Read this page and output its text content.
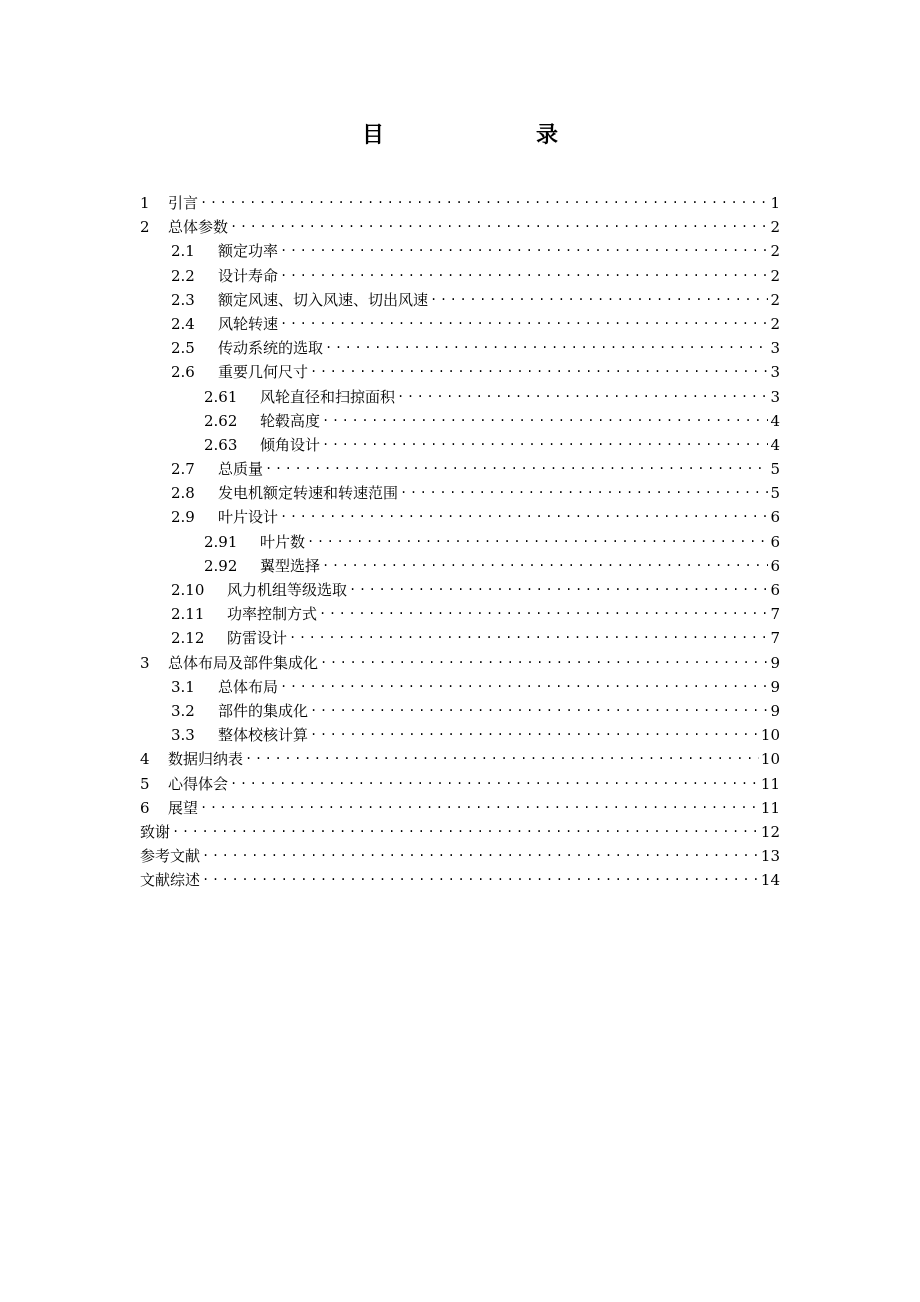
目　　录
1	引言 .....	1
2	总体参数 .....	2
2.1	额定功率 .....	2
2.2	设计寿命 .....	2
2.3	额定风速、切入风速、切出风速 .....	2
2.4	风轮转速 .....	2
2.5	传动系统的选取 .....	3
2.6	重要几何尺寸 .....	3
2.61	风轮直径和扫掠面积 .....	3
2.62	轮毂高度 .....	4
2.63	倾角设计 .....	4
2.7	总质量 .....	5
2.8	发电机额定转速和转速范围 .....	5
2.9	叶片设计 .....	6
2.91	叶片数 .....	6
2.92	翼型选择 .....	6
2.10	风力机组等级选取 .....	6
2.11	功率控制方式 .....	7
2.12	防雷设计 .....	7
3	总体布局及部件集成化 .....	9
3.1	总体布局 .....	9
3.2	部件的集成化 .....	9
3.3	整体校核计算 .....	10
4	数据归纳表 .....	10
5	心得体会 .....	11
6	展望 .....	11
致谢 .....	12
参考文献 .....	13
文献综述 .....	14
